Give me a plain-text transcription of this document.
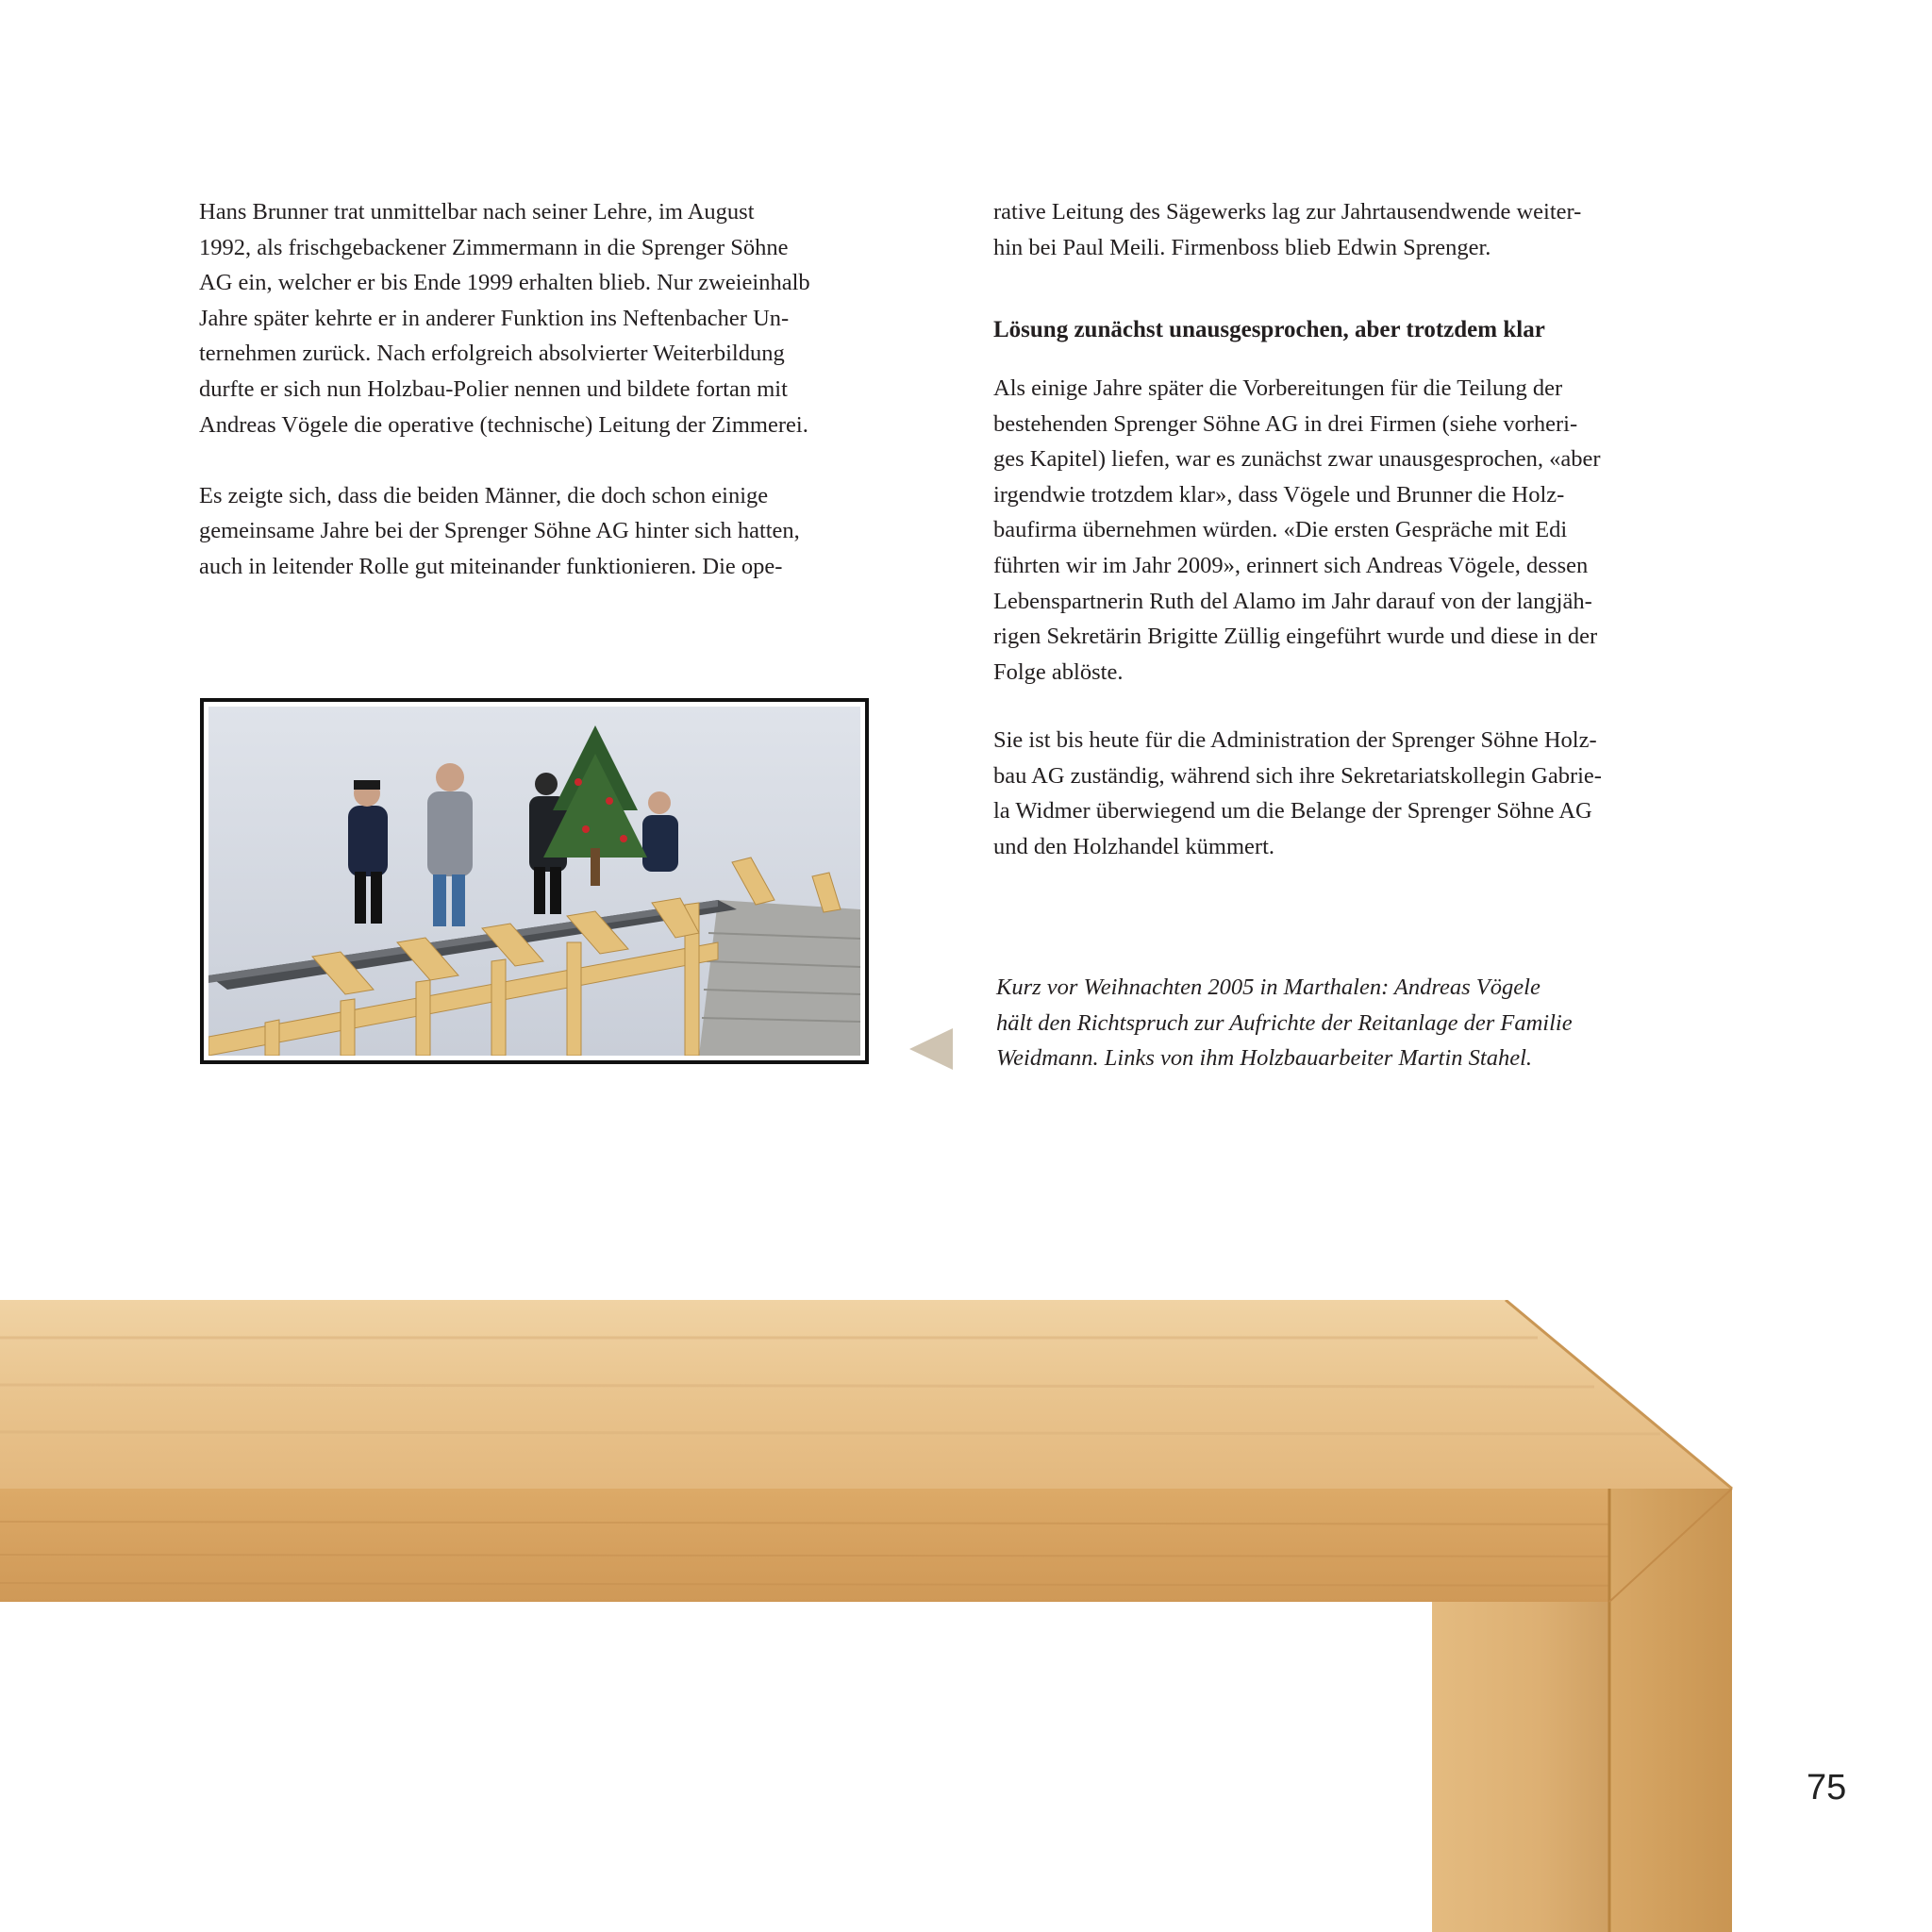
Hans Brunner trat unmittelbar nach seiner Lehre, im August

1992, als frischgebackener Zimmermann in die Sprenger Söhne

AG ein, welcher er bis Ende 1999 erhalten blieb. Nur zweieinhalb

Jahre später kehrte er in anderer Funktion ins Neftenbacher Un-

ternehmen zurück. Nach erfolgreich absolvierter Weiterbildung

durfte er sich nun Holzbau-Polier nennen und bildete fortan mit

Andreas Vögele die operative (technische) Leitung der Zimmerei.

Es zeigte sich, dass die beiden Männer, die doch schon einige

gemeinsame Jahre bei der Sprenger Söhne AG hinter sich hatten,

auch in leitender Rolle gut miteinander funktionieren. Die ope-

rative Leitung des Sägewerks lag zur Jahrtausendwende weiter-

hin bei Paul Meili. Firmenboss blieb Edwin Sprenger.

Lösung zunächst unausgesprochen, aber trotzdem klar

Als einige Jahre später die Vorbereitungen für die Teilung der

bestehenden Sprenger Söhne AG in drei Firmen (siehe vorheri-

ges Kapitel) liefen, war es zunächst zwar unausgesprochen, «aber

irgendwie trotzdem klar», dass Vögele und Brunner die Holz-

baufirma übernehmen würden. «Die ersten Gespräche mit Edi

führten wir im Jahr 2009», erinnert sich Andreas Vögele, dessen

Lebenspartnerin Ruth del Alamo im Jahr darauf von der langjäh-

rigen Sekretärin Brigitte Züllig eingeführt wurde und diese in der

Folge ablöste.

Sie ist bis heute für die Administration der Sprenger Söhne Holz-

bau AG zuständig, während sich ihre Sekretariatskollegin Gabrie-

la Widmer überwiegend um die Belange der Sprenger Söhne AG

und den Holzhandel kümmert.

Kurz vor Weihnachten 2005 in Marthalen: Andreas Vögele

hält den Richtspruch zur Aufrichte der Reitanlage der Familie

Weidmann. Links von ihm Holzbauarbeiter Martin Stahel.

75
